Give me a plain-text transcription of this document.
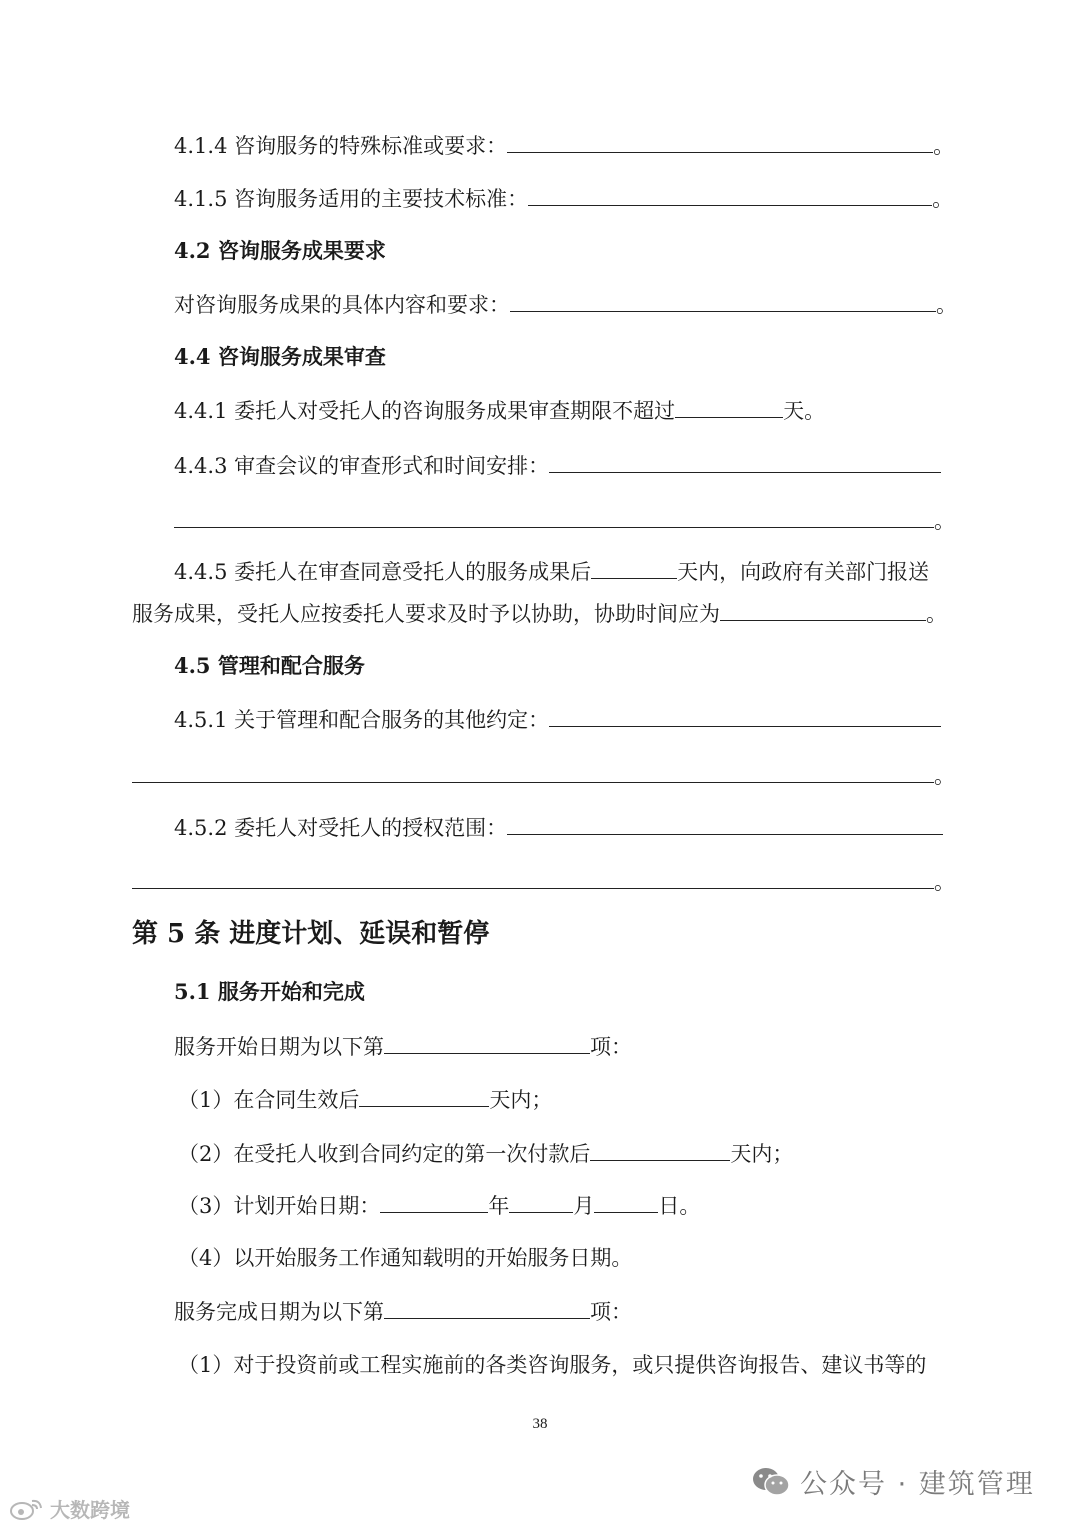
4.1.4 咨询服务的特殊标准或要求：	。
4.1.5 咨询服务适用的主要技术标准：	。
4.2 咨询服务成果要求
对咨询服务成果的具体内容和要求：	。
4.4 咨询服务成果审查
4.4.1 委托人对受托人的咨询服务成果审查期限不超过	天。
4.4.3 审查会议的审查形式和时间安排：
。
4.4.5 委托人在审查同意受托人的服务成果后	天内，向政府有关部门报送
服务成果，受托人应按委托人要求及时予以协助，协助时间应为	。
4.5 管理和配合服务
4.5.1 关于管理和配合服务的其他约定：
。
4.5.2 委托人对受托人的授权范围：
。
第 5 条 进度计划、延误和暂停
5.1 服务开始和完成
服务开始日期为以下第	项：
（1）在合同生效后	天内；
（2）在受托人收到合同约定的第一次付款后	天内；
（3）计划开始日期：	年	月	日。
（4）以开始服务工作通知载明的开始服务日期。
服务完成日期为以下第	项：
（1）对于投资前或工程实施前的各类咨询服务，或只提供咨询报告、建议书等的
38
公众号 · 建筑管理
大数跨境
